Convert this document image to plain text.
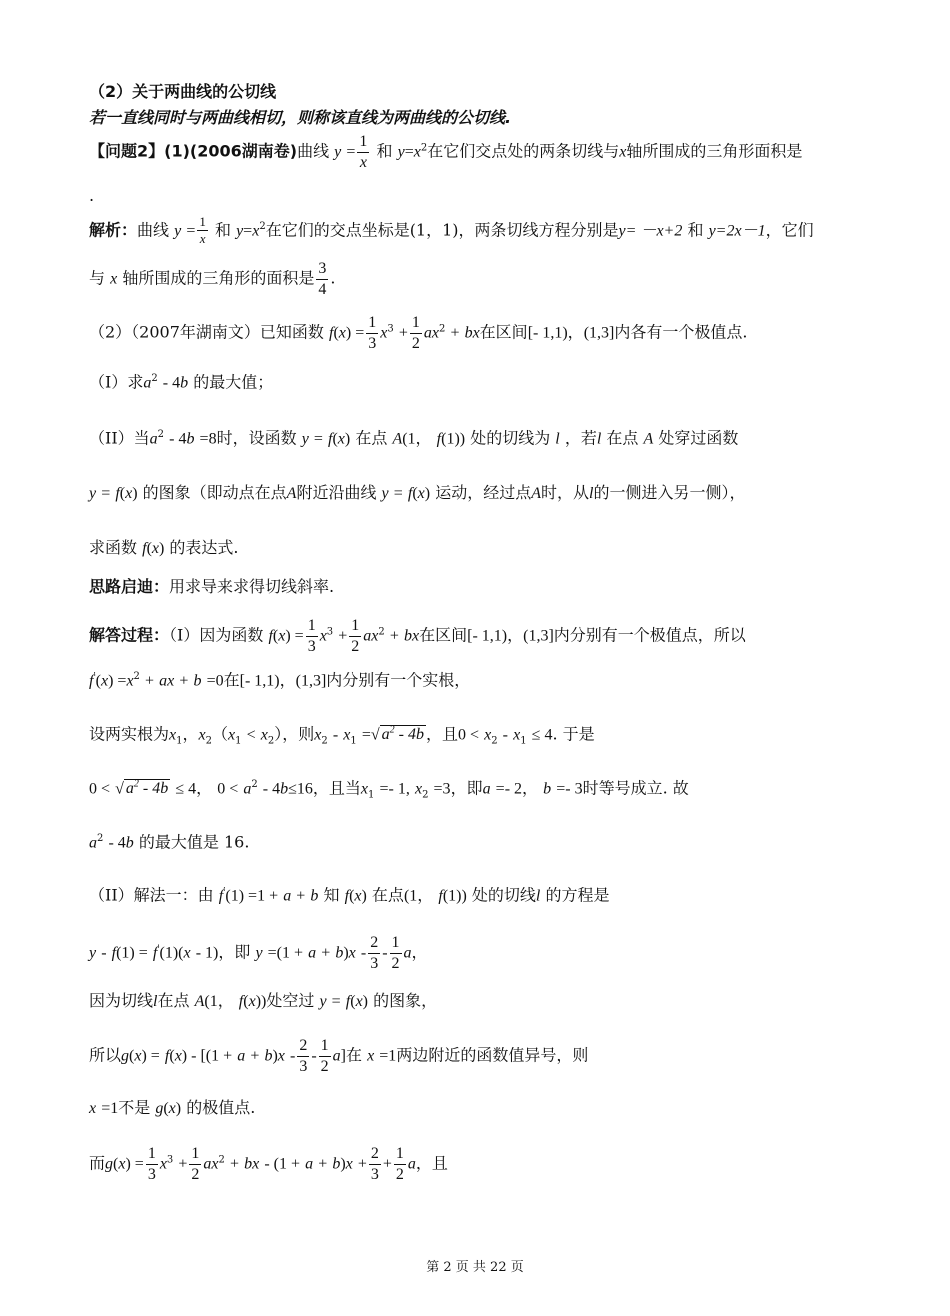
（2）关于两曲线的公切线
若一直线同时与两曲线相切，则称该直线为两曲线的公切线.
【问题2】(1)(2006湖南卷)曲线 $y = \frac{1}{x}$ 和 $y=x^2$在它们交点处的两条切线与x轴所围成的三角形面积是
.
解析：曲线 $y = \frac{1}{x}$ 和 $y=x^2$在它们的交点坐标是(1，1)，两条切线方程分别是y= －x+2 和 y=2x－1，它们
与 x 轴所围成的三角形的面积是 $\frac{3}{4}$ .
（2）（2007年湖南文）已知函数 $f(x) = \frac{1}{3} x^3 + \frac{1}{2} ax^2$ + bx在区间[- 1,1)，(1,3]内各有一个极值点.
（I）求$a^2 - 4b$ 的最大值；
（II）当$a^2 - 4b =8$时，设函数 y = f(x) 在点 A(1， f(1)) 处的切线为 l ，若l 在点 A 处穿过函数
y = f(x) 的图象（即动点在点A附近沿曲线 y = f(x) 运动，经过点A时，从l的一侧进入另一侧），
求函数 f(x) 的表达式.
思路启迪：用求导来求得切线斜率.
解答过程：（I）因为函数 $f(x) = \frac{1}{3} x^3 + \frac{1}{2} ax^2$ + bx在区间[- 1,1)，(1,3]内分别有一个极值点，所以
$f'(x) =x^2$ + ax + b =0在[- 1,1)，(1,3]内分别有一个实根，
设两实根为$x_1$，$x_2(x_1 < x_2)$，则$x_2 - x_1$ =√ $a^2 - 4b$ ，且$0 < x_2 - x_1 \le 4$. 于是
0 < √ $a^2 - 4b \le 4$， $0 < a^2 - 4b\le 16$，且当$x_1 =- 1$, $x_2 =3$，即a =- 2， b =- 3时等号成立. 故
$a^2 - 4b$ 的最大值是 16.
（II）解法一：由 f′(1) =1 + a + b 知 f(x) 在点(1， f(1)) 处的切线l 的方程是
y - f(1) = f′(1)(x - 1)，即 $y =(1 + a + b)x - \frac{2}{3} - \frac{1}{2}$ a，
因为切线l在点 A(1， f(x))处空过 y = f(x) 的图象，
所以$g(x) = f(x) - [(1 + a + b)x - \frac{2}{3} - \frac{1}{2} a]$在 x =1两边附近的函数值异号，则
x =1不是 g(x) 的极值点.
而$g(x) = \frac{1}{3} x^3 + \frac{1}{2} ax^2$ + bx - $(1 + a + b)x + \frac{2}{3} + \frac{1}{2}$ a，且
第 2 页 共 22 页
